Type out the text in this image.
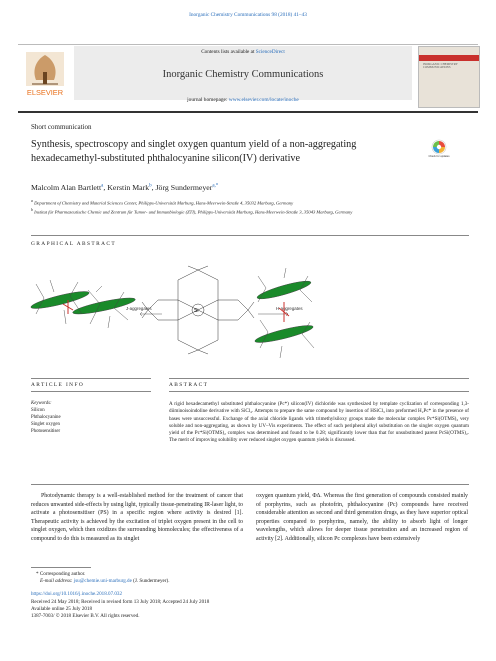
Inorganic Chemistry Communications 98 (2018) 41–43
ELSEVIER
Contents lists available at ScienceDirect
Inorganic Chemistry Communications
journal homepage: www.elsevier.com/locate/inoche
INORGANIC CHEMISTRY COMMUNICATIONS
Short communication
Synthesis, spectroscopy and singlet oxygen quantum yield of a non-aggregating hexadecamethyl-substituted phthalocyanine silicon(IV) derivative	Check for updates
Malcolm Alan Bartlett$^a$, Kerstin Mark$^b$, Jörg Sundermeyer$^{a,*}$
$^a$ Department of Chemistry and Material Sciences Center, Philipps-Universität Marburg, Hans-Meerwein-Straße 4, 35032 Marburg, Germany
$^b$ Institut für Pharmazeutische Chemie und Zentrum für Tumor- und Immunbiologie (ZTI), Philipps-Universität Marburg, Hans-Meerwein-Straße 3, 35043 Marburg, Germany
GRAPHICAL ABSTRACT
J-aggregates	Si	H-aggregates
ARTICLE INFO	ABSTRACT
Keywords:
Silicon
Phthalocyanine
Singlet oxygen
Photosensitiser
A rigid hexadecamethyl substituted phthalocyanine (Pc*) silicon(IV) dichloride was synthesized by template cyclization of corresponding 1,3-diiminoisoindoline derivative with SiCl₄. Attempts to prepare the same compound by insertion of HSiCl₃ into preformed H₂Pc* in the presence of bases were unsuccessful. Exchange of the axial chloride ligands with trimethylsiloxy groups made the molecular complex Pc*Si(OTMS)₂ very soluble and non-aggregating, as shown by UV–Vis experiments. The effect of such peripheral alkyl substitution on the singlet oxygen quantum yield of the Pc*Si(OTMS)₂ complex was determined and found to be 0.28; significantly lower than that for unsubstituted parent PcSi(OTMS)₂. The merit of improving solubility over reduced singlet oxygen quantum yields is discussed.
Photodynamic therapy is a well-established method for the treatment of cancer that reduces unwanted side-effects by using light, typically tissue-penetrating IR-laser light, to activate a photosensitiser (PS) in a specific region where activity is desired [1]. Therapeutic activity is achieved by the excitation of triplet oxygen present in the cell to singlet oxygen, which then oxidizes the surrounding biomolecules; the effectiveness of a compound to do this is measured as its singlet
oxygen quantum yield, Φ∆. Whereas the first generation of compounds consisted mainly of porphyrins, such as photofrin, phthalocyanine (Pc) compounds have received considerable attention as second and third generation drugs, as they have superior optical properties compared to porphyrins, namely, the ability to absorb light of longer wavelengths, which allows for deeper tissue penetration and an increased region of activity [2]. Additionally, silicon Pc complexes have been extensively
* Corresponding author.
E-mail address: jsu@chemie.uni-marburg.de (J. Sundermeyer).
https://doi.org/10.1016/j.inoche.2018.07.032
Received 24 May 2018; Received in revised form 13 July 2018; Accepted 24 July 2018
Available online 25 July 2018
1387-7003/ © 2018 Elsevier B.V. All rights reserved.
